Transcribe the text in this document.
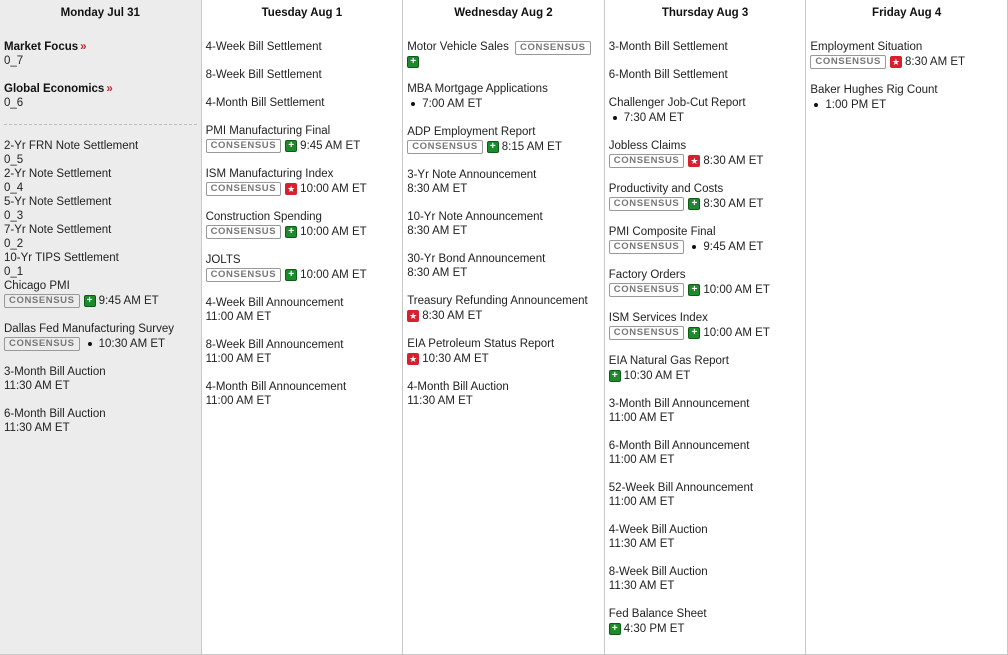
Monday Jul 31
Market Focus »
0_7
Global Economics »
0_6
2-Yr FRN Note Settlement
0_5
2-Yr Note Settlement
0_4
5-Yr Note Settlement
0_3
7-Yr Note Settlement
0_2
10-Yr TIPS Settlement
0_1
Chicago PMI
CONSENSUS	+ 9:45 AM ET
Dallas Fed Manufacturing Survey
CONSENSUS	10:30 AM ET
3-Month Bill Auction
11:30 AM ET
6-Month Bill Auction
11:30 AM ET
Tuesday Aug 1
4-Week Bill Settlement
8-Week Bill Settlement
4-Month Bill Settlement
PMI Manufacturing Final
CONSENSUS	+ 9:45 AM ET
ISM Manufacturing Index
CONSENSUS	★ 10:00 AM ET
Construction Spending
CONSENSUS	+ 10:00 AM ET
JOLTS
CONSENSUS	+ 10:00 AM ET
4-Week Bill Announcement
11:00 AM ET
8-Week Bill Announcement
11:00 AM ET
4-Month Bill Announcement
11:00 AM ET
Wednesday Aug 2
Motor Vehicle Sales CONSENSUS
+
MBA Mortgage Applications
7:00 AM ET
ADP Employment Report
CONSENSUS	+ 8:15 AM ET
3-Yr Note Announcement
8:30 AM ET
10-Yr Note Announcement
8:30 AM ET
30-Yr Bond Announcement
8:30 AM ET
Treasury Refunding Announcement
★ 8:30 AM ET
EIA Petroleum Status Report
★ 10:30 AM ET
4-Month Bill Auction
11:30 AM ET
Thursday Aug 3
3-Month Bill Settlement
6-Month Bill Settlement
Challenger Job-Cut Report
7:30 AM ET
Jobless Claims
CONSENSUS	★ 8:30 AM ET
Productivity and Costs
CONSENSUS	+ 8:30 AM ET
PMI Composite Final
CONSENSUS	9:45 AM ET
Factory Orders
CONSENSUS	+ 10:00 AM ET
ISM Services Index
CONSENSUS	+ 10:00 AM ET
EIA Natural Gas Report
+ 10:30 AM ET
3-Month Bill Announcement
11:00 AM ET
6-Month Bill Announcement
11:00 AM ET
52-Week Bill Announcement
11:00 AM ET
4-Week Bill Auction
11:30 AM ET
8-Week Bill Auction
11:30 AM ET
Fed Balance Sheet
+ 4:30 PM ET
Friday Aug 4
Employment Situation
CONSENSUS	★ 8:30 AM ET
Baker Hughes Rig Count
1:00 PM ET
